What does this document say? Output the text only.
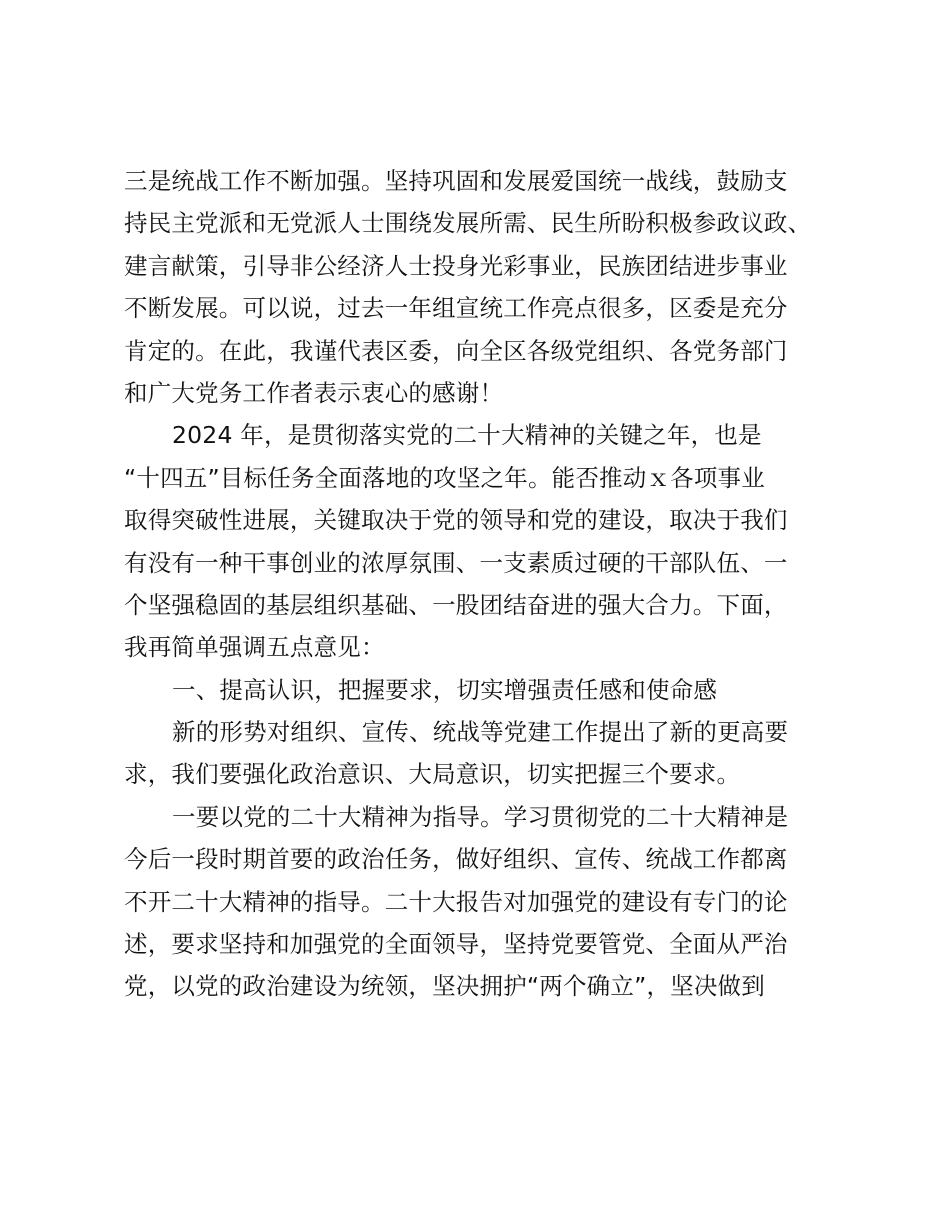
三是统战工作不断加强。坚持巩固和发展爱国统一战线，鼓励支
持民主党派和无党派人士围绕发展所需、民生所盼积极参政议政、
建言献策，引导非公经济人士投身光彩事业，民族团结进步事业
不断发展。可以说，过去一年组宣统工作亮点很多，区委是充分
肯定的。在此，我谨代表区委，向全区各级党组织、各党务部门
和广大党务工作者表示衷心的感谢！
2024 年，是贯彻落实党的二十大精神的关键之年，也是
“十四五”目标任务全面落地的攻坚之年。能否推动ｘ各项事业
取得突破性进展，关键取决于党的领导和党的建设，取决于我们
有没有一种干事创业的浓厚氛围、一支素质过硬的干部队伍、一
个坚强稳固的基层组织基础、一股团结奋进的强大合力。下面，
我再简单强调五点意见：
一、提高认识，把握要求，切实增强责任感和使命感
新的形势对组织、宣传、统战等党建工作提出了新的更高要
求，我们要强化政治意识、大局意识，切实把握三个要求。
一要以党的二十大精神为指导。学习贯彻党的二十大精神是
今后一段时期首要的政治任务，做好组织、宣传、统战工作都离
不开二十大精神的指导。二十大报告对加强党的建设有专门的论
述，要求坚持和加强党的全面领导，坚持党要管党、全面从严治
党，以党的政治建设为统领，坚决拥护“两个确立”，坚决做到
